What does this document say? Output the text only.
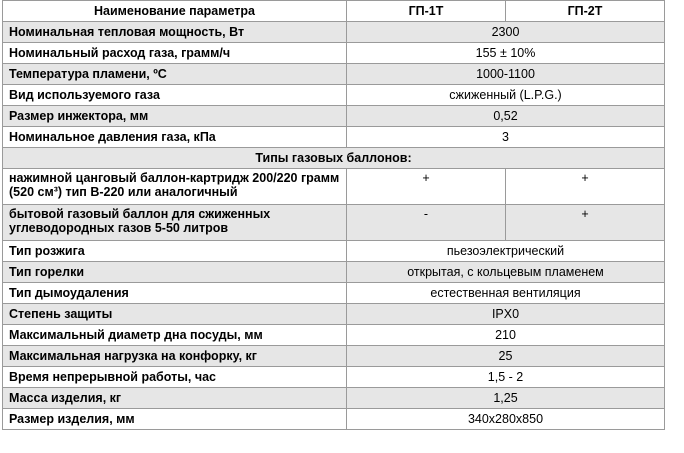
Наименование параметра	ГП-1Т	ГП-2Т
Номинальная тепловая мощность, Вт	2300	
Номинальный расход газа, грамм/ч	155 ± 10%	
Температура пламени, ºС	1000-1100	
Вид используемого газа	сжиженный (L.P.G.)	
Размер инжектора, мм	0,52	
Номинальное давления газа, кПа	3	
Типы газовых баллонов:		
нажимной цанговый баллон-картридж 200/220 грамм (520 см³) тип В-220 или аналогичный	+	+
бытовой газовый баллон для сжиженных углеводородных газов 5-50 литров	-	+
Тип розжига	пьезоэлектрический	
Тип горелки	открытая, с кольцевым пламенем	
Тип дымоудаления	естественная вентиляция	
Степень защиты	IPX0	
Максимальный диаметр дна посуды, мм	210	
Максимальная нагрузка на конфорку, кг	25	
Время непрерывной работы, час	1,5 - 2	
Масса изделия, кг	1,25	
Размер изделия, мм	340х280х850	
